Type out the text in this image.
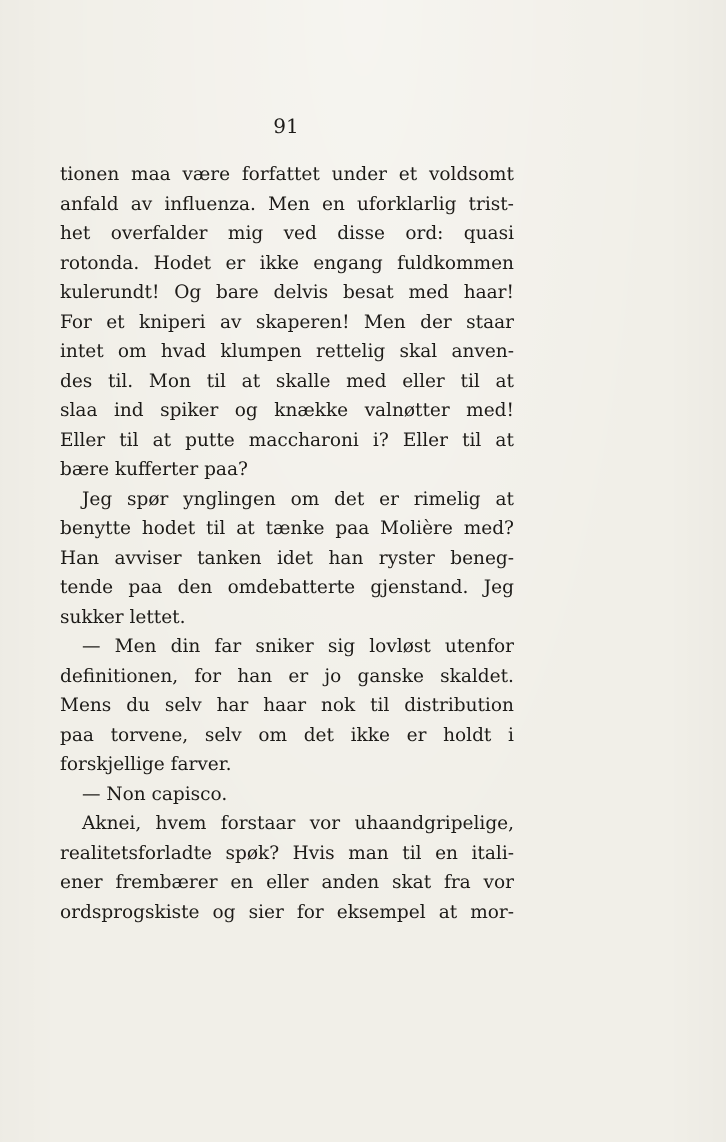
91
tionen maa være forfattet under et voldsomt
anfald av influenza. Men en uforklarlig trist-
het overfalder mig ved disse ord: quasi
rotonda. Hodet er ikke engang fuldkommen
kulerundt! Og bare delvis besat med haar!
For et kniperi av skaperen! Men der staar
intet om hvad klumpen rettelig skal anven-
des til. Mon til at skalle med eller til at
slaa ind spiker og knække valnøtter med!
Eller til at putte maccharoni i? Eller til at
bære kufferter paa?
Jeg spør ynglingen om det er rimelig at
benytte hodet til at tænke paa Molière med?
Han avviser tanken idet han ryster beneg-
tende paa den omdebatterte gjenstand. Jeg
sukker lettet.
— Men din far sniker sig lovløst utenfor
definitionen, for han er jo ganske skaldet.
Mens du selv har haar nok til distribution
paa torvene, selv om det ikke er holdt i
forskjellige farver.
— Non capisco.
Aknei, hvem forstaar vor uhaandgripelige,
realitetsforladte spøk? Hvis man til en itali-
ener frembærer en eller anden skat fra vor
ordsprogskiste og sier for eksempel at mor-
